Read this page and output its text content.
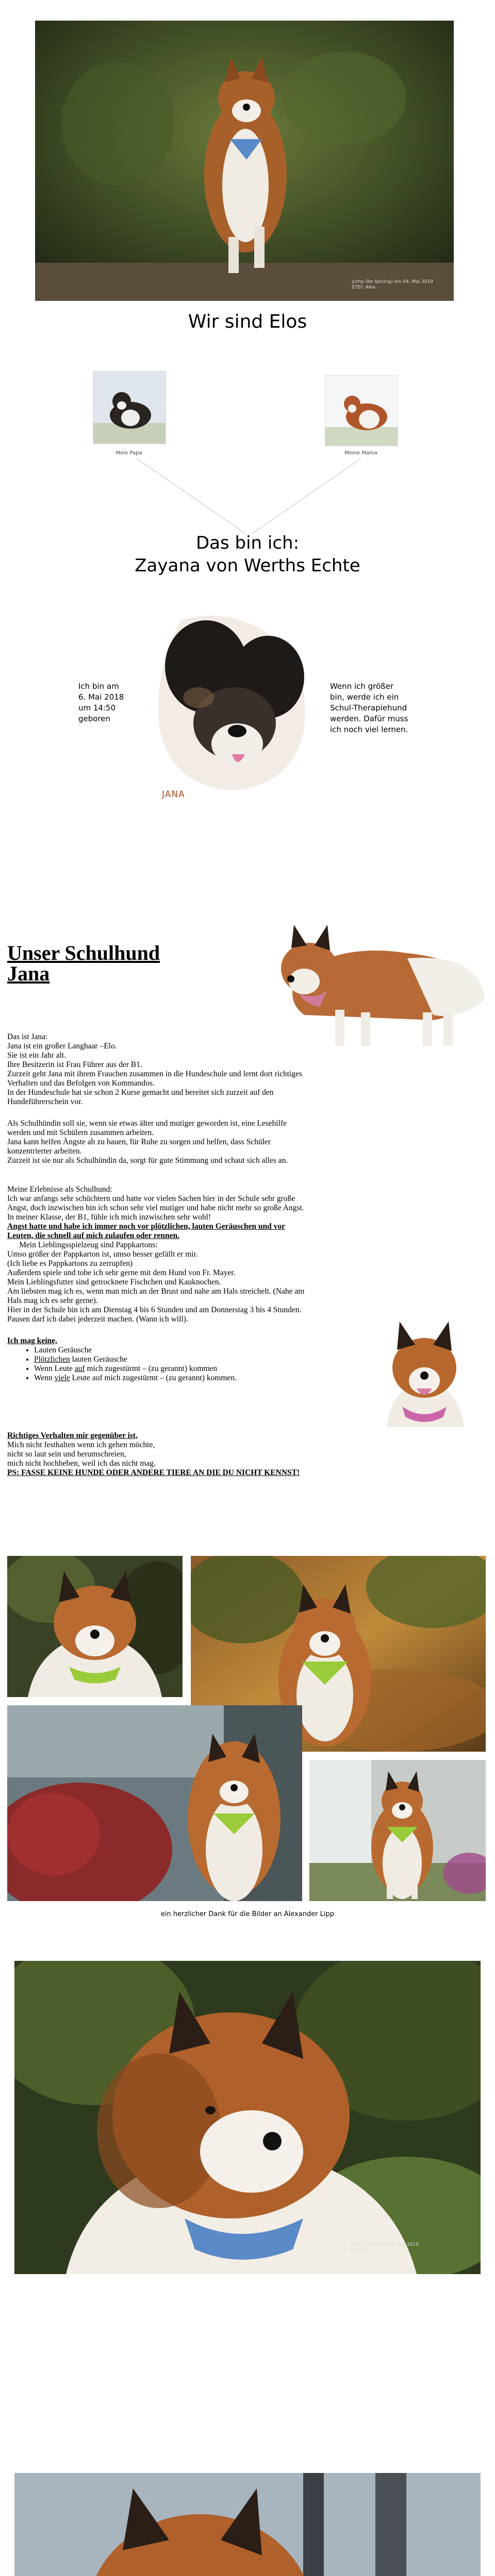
Jump (be Sprung) ein 04. Mai 2019
ETEC Alex
Wir sind Elos
Mein Papa	Meine Mama
Das bin ich:
Zayana von Werths Echte
Ich bin am
6. Mai 2018
um 14:50
geboren
JANA
Wenn ich größer
bin, werde ich ein
Schul-Therapiehund
werden. Dafür muss
ich noch viel lernen.
Unser Schulhund
Jana

Das ist Jana:

Jana ist ein großer Langhaar –Elo.

Sie ist ein Jahr alt.

Ihre Besitzerin ist Frau Führer aus der B1.

Zurzeit geht Jana mit ihrem Frauchen zusammen in die Hundeschule und lernt dort richtiges

Verhalten und das Befolgen von Kommandos.

In der Hundeschule hat sie schon 2 Kurse gemacht und bereitet sich zurzeit auf den

Hundeführerschein vor.

Als Schulhündin soll sie, wenn sie etwas älter und mutiger geworden ist, eine Lesehilfe

werden und mit Schülern zusammen arbeiten.

Jana kann helfen Ängste ab zu bauen, für Ruhe zu sorgen und helfen, dass Schüler

konzentrierter arbeiten.

Zurzeit ist sie nur als Schulhündin da, sorgt für gute Stimmung und schaut sich alles an.

Meine Erlebnisse als Schulhund:

Ich war anfangs sehr schüchtern und hatte vor vielen Sachen hier in der Schule sehr große

Angst, doch inzwischen bin ich schon sehr viel mutiger und habe nicht mehr so große Angst.

In meiner Klasse, der B1, fühle ich mich inzwischen sehr wohl!

Angst hatte und habe ich immer noch vor plötzlichen, lauten Geräuschen und vor

Leuten, die schnell auf mich zulaufen oder rennen.

Mein Lieblingsspielzeug sind Pappkartons:

Umso größer der Pappkarton ist, umso besser gefällt er mir.

(Ich liebe es Pappkartons zu zerrupfen)

Außerdem spiele und tobe ich sehr gerne mit dem Hund von Fr. Mayer.

Mein Lieblingsfutter sind getrocknete Fischchen und Kauknochen.

Am liebsten mag ich es, wenn man mich an der Brust und nahe am Hals streichelt. (Nahe am

Hals mag ich es sehr gerne).

Hier in der Schule bin ich am Dienstag 4 bis 6 Stunden und am Donnerstag 3 bis 4 Stunden.

Pausen darf ich dabei jederzeit machen. (Wann ich will).

Ich mag keine,

• Lauten Geräusche
• Plötzlichen lauten Geräusche
• Wenn Leute auf mich zugestürmt – (zu gerannt) kommen
• Wenn viele Leute auf mich zugestürmt – (zu gerannt) kommen.

Richtiges Verhalten mir gegenüber ist,

Mich nicht festhalten wenn ich gehen möchte,

nicht so laut sein und herumschreien,

mich nicht hochheben, weil ich das nicht mag.

PS: FASSE KEINE HUNDE ODER ANDERE TIERE AN DIE DU NICHT KENNST!

ein herzlicher Dank für die Bilder an Alexander Lipp
Jana im Park ein 04. Mai 2019
ETEC Alex
